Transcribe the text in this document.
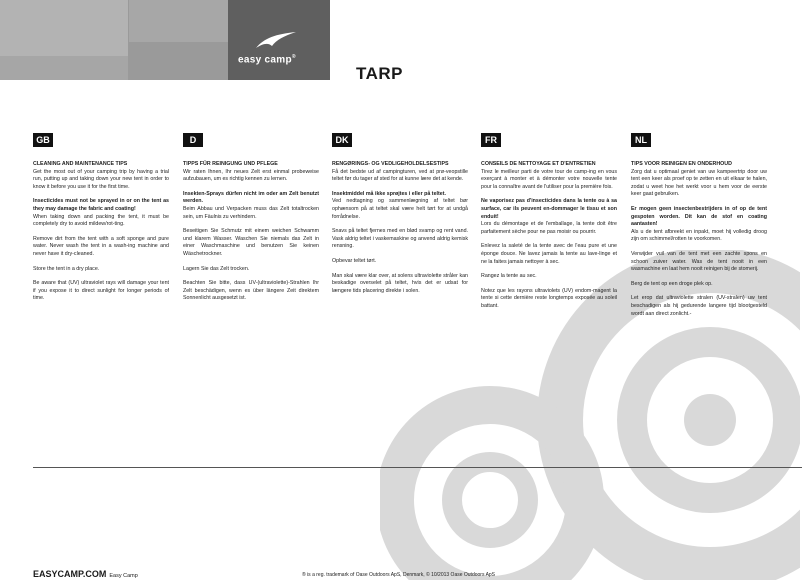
easy camp®
TARP
GB

CLEANING AND MAINTENANCE TIPS

Get the most out of your camping trip by having a trial run, putting up and taking down your new tent in order to know it before you use it for the first time.

Insecticides must not be sprayed in or on the tent as they may damage the fabric and coating!

When taking down and packing the tent, it must be completely dry to avoid mildew/rot-ting.

Remove dirt from the tent with a soft sponge and pure water. Never wash the tent in a wash-ing machine and never have it dry-cleaned.

Store the tent in a dry place.

Be aware that (UV) ultraviolet rays will damage your tent if you expose it to direct sunlight for longer periods of time.

D

TIPPS FÜR REINIGUNG UND PFLEGE

Wir raten Ihnen, Ihr neues Zelt erst einmal probeweise aufzubauen, um es richtig kennen zu lernen.

Insekten-Sprays dürfen nicht im oder am Zelt benutzt werden.

Beim Abbau und Verpacken muss das Zelt totaltrocken sein, um Fäulnis zu verhindern.

Beseitigen Sie Schmutz mit einem weichen Schwamm und klarem Wasser. Waschen Sie niemals das Zelt in einer Waschmaschine und benutzen Sie keinen Wäschetrockner.

Lagern Sie das Zelt trocken.

Beachten Sie bitte, dass UV-(ultraviolette)-Strahlen Ihr Zelt beschädigen, wenn es über längere Zeit direktem Sonnenlicht ausgesetzt ist.

DK

RENGØRINGS- OG VEDLIGEHOLDELSESTIPS

Få det bedste ud af campingturen, ved at prø-veopstille teltet før du tager af sted for at kunne lære det at kende.

Insektmiddel må ikke sprøjtes i eller på teltet.

Ved nedtagning og sammenlægning af teltet bør ophænsom på at teltet skal være helt tørt for at undgå forrådnelse.

Snavs på teltet fjernes med en blød svamp og rent vand. Vask aldrig teltet i vaskemaskine og anvend aldrig kemisk rensning.

Opbevar teltet tørt.

Man skal være klar over, at solens ultraviolette stråler kan beskadige overselet på teltet, hvis det er udsat for længere tids placering direkte i solen.

FR

CONSEILS DE NETTOYAGE ET D'ENTRETIEN

Tirez le meilleur parti de votre tour de camp-ing en vous exerçant à monter et à démonter votre nouvelle tente pour la connaître avant de l'utiliser pour la première fois.

Ne vaporisez pas d'insecticides dans la tente ou à sa surface, car ils peuvent en-dommager le tissu et son enduit!

Lors du démontage et de l'emballage, la tente doit être parfaitement sèche pour ne pas moisir ou pourrir.

Enlevez la saleté de la tente avec de l'eau pure et une éponge douce. Ne lavez jamais la tente au lave-linge et ne la faites jamais nettoyer à sec.

Rangez la tente au sec.

Notez que les rayons ultraviolets (UV) endom-magent la tente si cette dernière reste longtemps exposée au soleil battant.

NL

TIPS VOOR REINIGEN EN ONDERHOUD

Zorg dat u optimaal geniet van uw kampeertrip door uw tent een keer als proef op te zetten en uit elkaar te halen, zodat u weet hoe het werkt voor u hem voor de eerste keer gaat gebruiken.

Er mogen geen insectenbestrijders in of op de tent gespoten worden. Dit kan de stof en coating aantasten!

Als u de tent afbreekt en inpakt, moet hij volledig droog zijn om schimmel/rotten te voorkomen.

Verwijder vuil van de tent met een zachte spons en schoon zuiver water. Was de tent nooit in een wasmachine en laat hem nooit reinigen bij de stomerij.

Berg de tent op een droge plek op.

Let erop dat ultraviolette stralen (UV-stralen) uw tent beschadigen als hij gedurende langere tijd blootgesteld wordt aan direct zonlicht.-

EASYCAMP.COM Easy Camp	® is a reg. trademark of Oase Outdoors ApS, Denmark, © 10/2013 Oase Outdoors ApS
